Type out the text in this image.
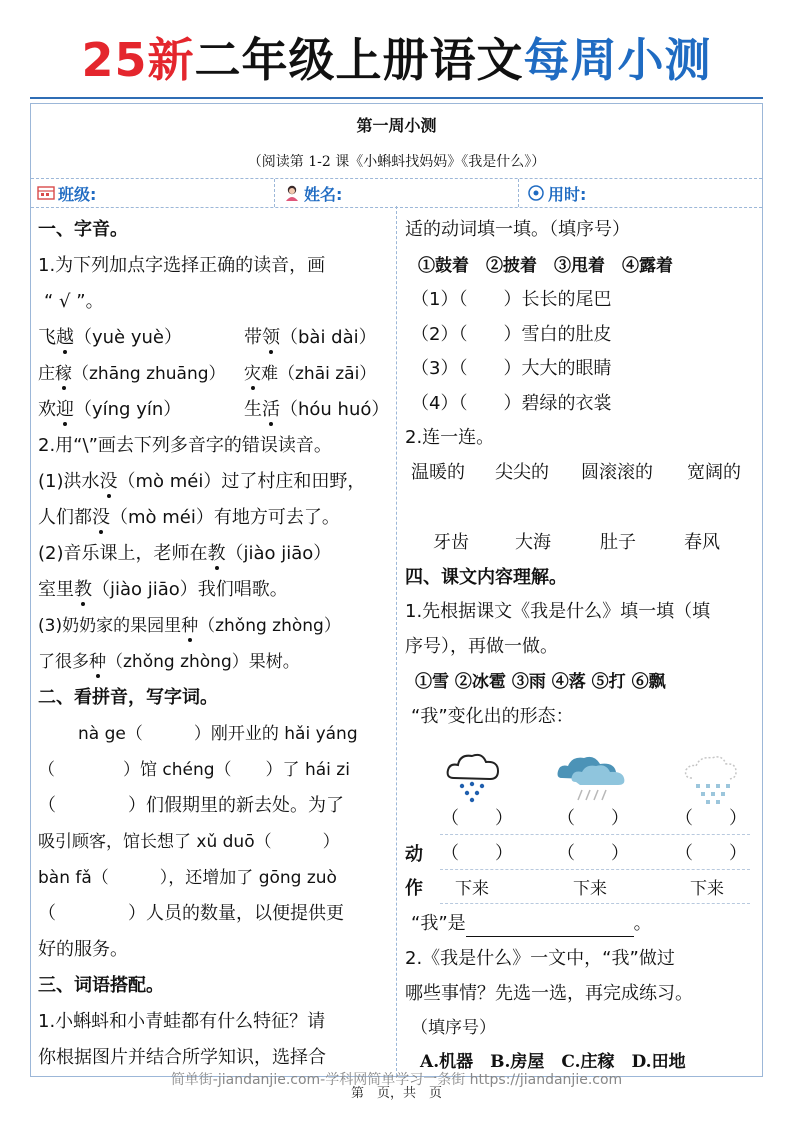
25新二年级上册语文每周小测
第一周小测
（阅读第 1-2 课《小蝌蚪找妈妈》《我是什么》）
班级:	姓名:	用时:
一、字音。
1.为下列加点字选择正确的读音，画
“ √ ”。
飞越（yuè yuè）	带领（bài dài）
庄稼（zhāng zhuāng） 灾难（zhāi zāi）
欢迎（yíng yín）	生活（hóu huó）
2.用“\”画去下列多音字的错误读音。
(1)洪水没（mò méi）过了村庄和田野，
人们都没（mò méi）有地方可去了。
(2)音乐课上，老师在教（jiào jiāo）
室里教（jiào jiāo）我们唱歌。
(3)奶奶家的果园里种（zhǒng zhòng）
了很多种（zhǒng zhòng）果树。
二、看拼音，写字词。
nà ge（　　　）刚开业的 hǎi yáng
（　　　　）馆 chéng（　　）了 hái zi
（　　　　）们假期里的新去处。为了
吸引顾客，馆长想了 xǔ duō（　　　）
bàn fǎ（　　　），还增加了 gōng zuò
（　　　　）人员的数量，以便提供更
好的服务。
三、词语搭配。
1.小蝌蚪和小青蛙都有什么特征？请
你根据图片并结合所学知识，选择合
适的动词填一填。（填序号）
①鼓着　②披着　③甩着　④露着
（1）（　　）长长的尾巴
（2）（　　）雪白的肚皮
（3）（　　）大大的眼睛
（4）（　　）碧绿的衣裳
2.连一连。
温暖的 尖尖的 圆滚滚的 宽阔的
牙齿	大海	肚子	春风
四、课文内容理解。
1.先根据课文《我是什么》填一填（填
序号），再做一做。
①雪 ②冰雹 ③雨 ④落 ⑤打 ⑥飘
“我”变化出的形态：
（　　） （　　）	（　　）
动
作
（　　） （　　）	（　　）
下来	下来	下来
“我”是	。
2.《我是什么》一文中，“我”做过
哪些事情？先选一选，再完成练习。
（填序号）
A.机器　B.房屋　C.庄稼　D.田地
简单街-jiandanjie.com-学科网简单学习一条街 https://jiandanjie.com
第　页，共　页
